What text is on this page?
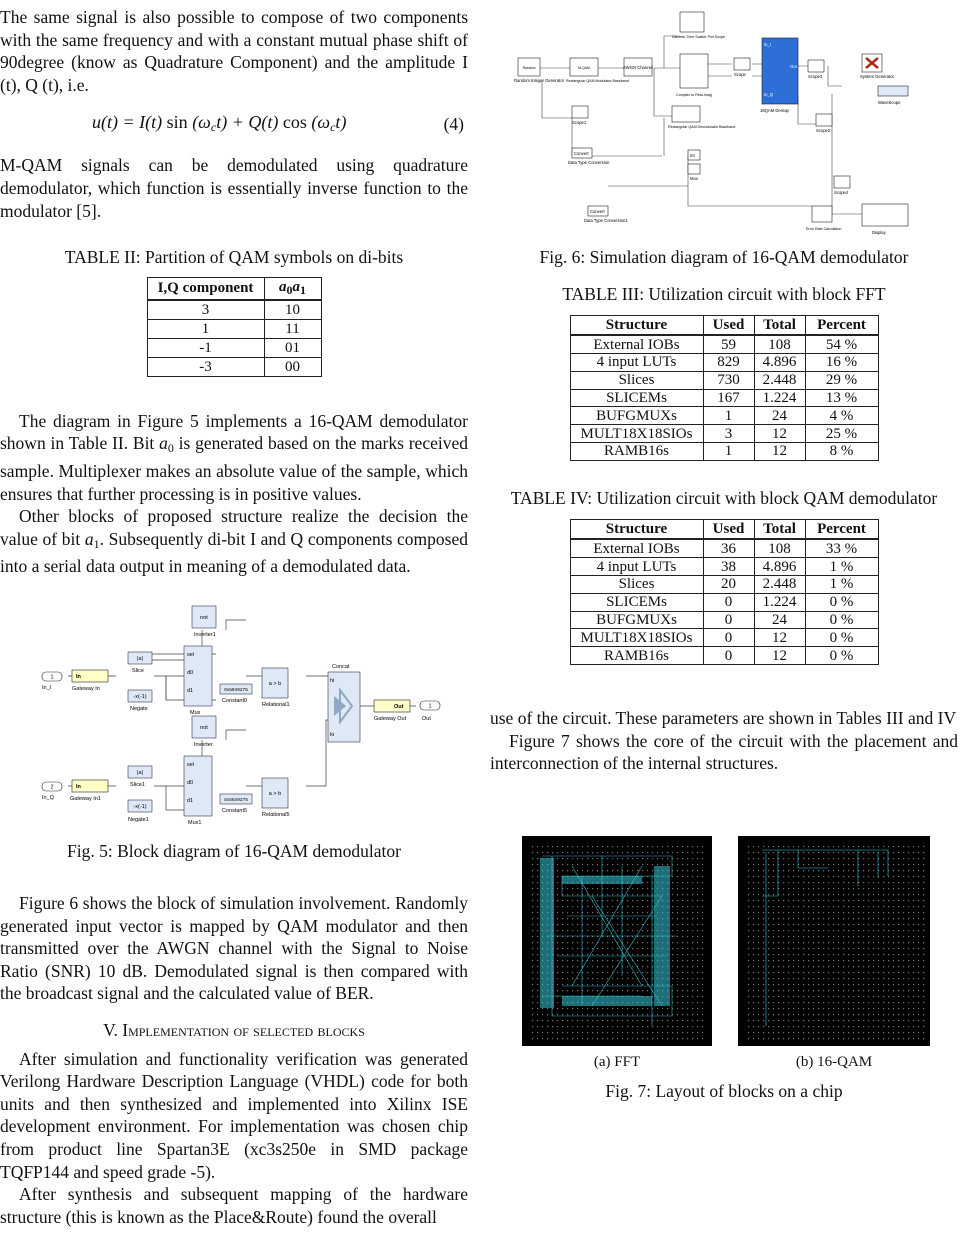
The same signal is also possible to compose of two components with the same frequency and with a constant mutual phase shift of 90degree (know as Quadrature Component) and the amplitude I (t), Q (t), i.e.

u(t) = I(t) $\sin (\omega_ct) + Q(t)$ $\cos (\omega_ct)$	(4)

M-QAM signals can be demodulated using quadrature demodulator, which function is essentially inverse function to the modulator [5].

TABLE II: Partition of QAM symbols on di-bits
I,Q component	$a_0a_1$
3	10
1	11
-1	01
-3	00

The diagram in Figure 5 implements a 16-QAM demodulator shown in Table II. Bit $a_0$ is generated based on the marks received sample. Multiplexer makes an absolute value of the sample, which ensures that further processing is in positive values.

Other blocks of proposed structure realize the decision the value of bit $a_1$. Subsequently di-bit I and Q components composed into a serial data output in meaning of a demodulated data.

1
In_I
In
Gateway In
2
In_Q
In
Gateway In1
|a|
Slice
-x(-1)
Negate
|a|
Slice1
-x(-1)
Negate1
not
Inverter1
not
Inverter
sel
d0
d1
Mux
sel
d0
d1
Mux1
0x5849275
Constant0
0x5849275
Constant5
a > b
Relational1
a > b
Relational5
Concat
hi
lo
Out
Gateway Out
1
Out
Fig. 5: Block diagram of 16-QAM demodulator

Figure 6 shows the block of simulation involvement. Randomly generated input vector is mapped by QAM modulator and then transmitted over the AWGN channel with the Signal to Noise Ratio (SNR) 10 dB. Demodulated signal is then compared with the broadcast signal and the calculated value of BER.

V. Implementation of selected blocks

After simulation and functionality verification was generated Verilong Hardware Description Language (VHDL) code for both units and then synthesized and implemented into Xilinx ISE development environment. For implementation was chosen chip from product line Spartan3E (xc3s250e in SMD package TQFP144 and speed grade -5).

After synthesis and subsequent mapping of the hardware structure (this is known as the Place&Route) found the overall

Random
Random Integer Generator
M-QAM
Rectangular QAM Modulator Baseband
AWGN Channel
Discrete-Time Scatter Plot Scope
Complex to Real-Imag
Scope
In_I
In_Q
Out
16QAM Demap
Scope3	System Generator
WaveScope
Scope1
Rectangular QAM Demodulator Baseband
Scope2
Convert
Data Type Conversion
Int
Mux
Scope4
Convert
Data Type Conversion1
Error Rate Calculation
Display
Fig. 6: Simulation diagram of 16-QAM demodulator
TABLE III: Utilization circuit with block FFT
Structure	Used	Total	Percent
External IOBs	59	108	54 %
4 input LUTs	829	4.896	16 %
Slices	730	2.448	29 %
SLICEMs	167	1.224	13 %
BUFGMUXs	1	24	4 %
MULT18X18SIOs	3	12	25 %
RAMB16s	1	12	8 %
TABLE IV: Utilization circuit with block QAM demodulator
Structure	Used	Total	Percent
External IOBs	36	108	33 %
4 input LUTs	38	4.896	1 %
Slices	20	2.448	1 %
SLICEMs	0	1.224	0 %
BUFGMUXs	0	24	0 %
MULT18X18SIOs	0	12	0 %
RAMB16s	0	12	0 %

use of the circuit. These parameters are shown in Tables III and IV

Figure 7 shows the core of the circuit with the placement and interconnection of the internal structures.

(a) FFT	(b) 16-QAM
Fig. 7: Layout of blocks on a chip
